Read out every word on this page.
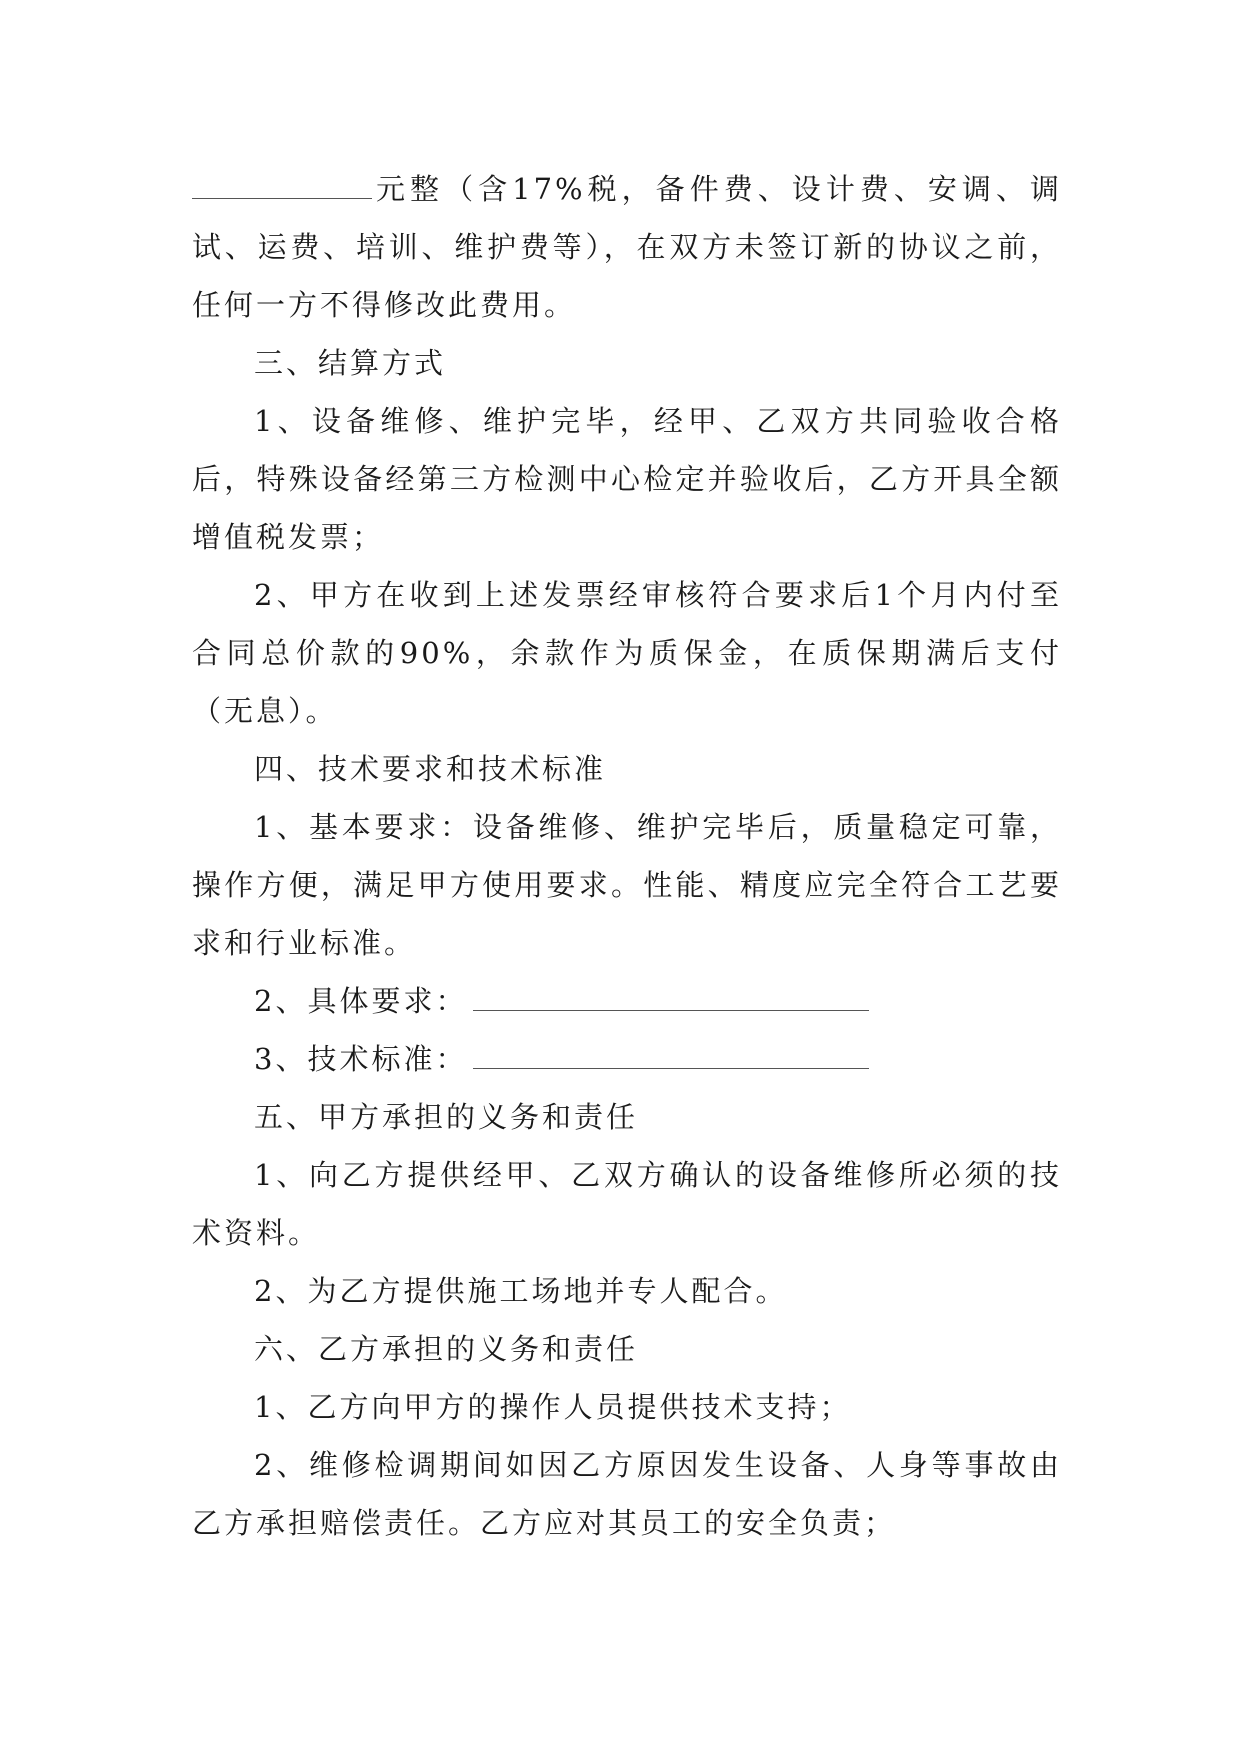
元整（含17%税，备件费、设计费、安调、调试、运费、培训、维护费等），在双方未签订新的协议之前，任何一方不得修改此费用。

三、结算方式

1、设备维修、维护完毕，经甲、乙双方共同验收合格后，特殊设备经第三方检测中心检定并验收后，乙方开具全额增值税发票；

2、甲方在收到上述发票经审核符合要求后1个月内付至合同总价款的90%，余款作为质保金，在质保期满后支付（无息）。

四、技术要求和技术标准

1、基本要求：设备维修、维护完毕后，质量稳定可靠，操作方便，满足甲方使用要求。性能、精度应完全符合工艺要求和行业标准。

2、具体要求：

3、技术标准：

五、甲方承担的义务和责任

1、向乙方提供经甲、乙双方确认的设备维修所必须的技术资料。

2、为乙方提供施工场地并专人配合。

六、乙方承担的义务和责任

1、乙方向甲方的操作人员提供技术支持；

2、维修检调期间如因乙方原因发生设备、人身等事故由乙方承担赔偿责任。乙方应对其员工的安全负责；
